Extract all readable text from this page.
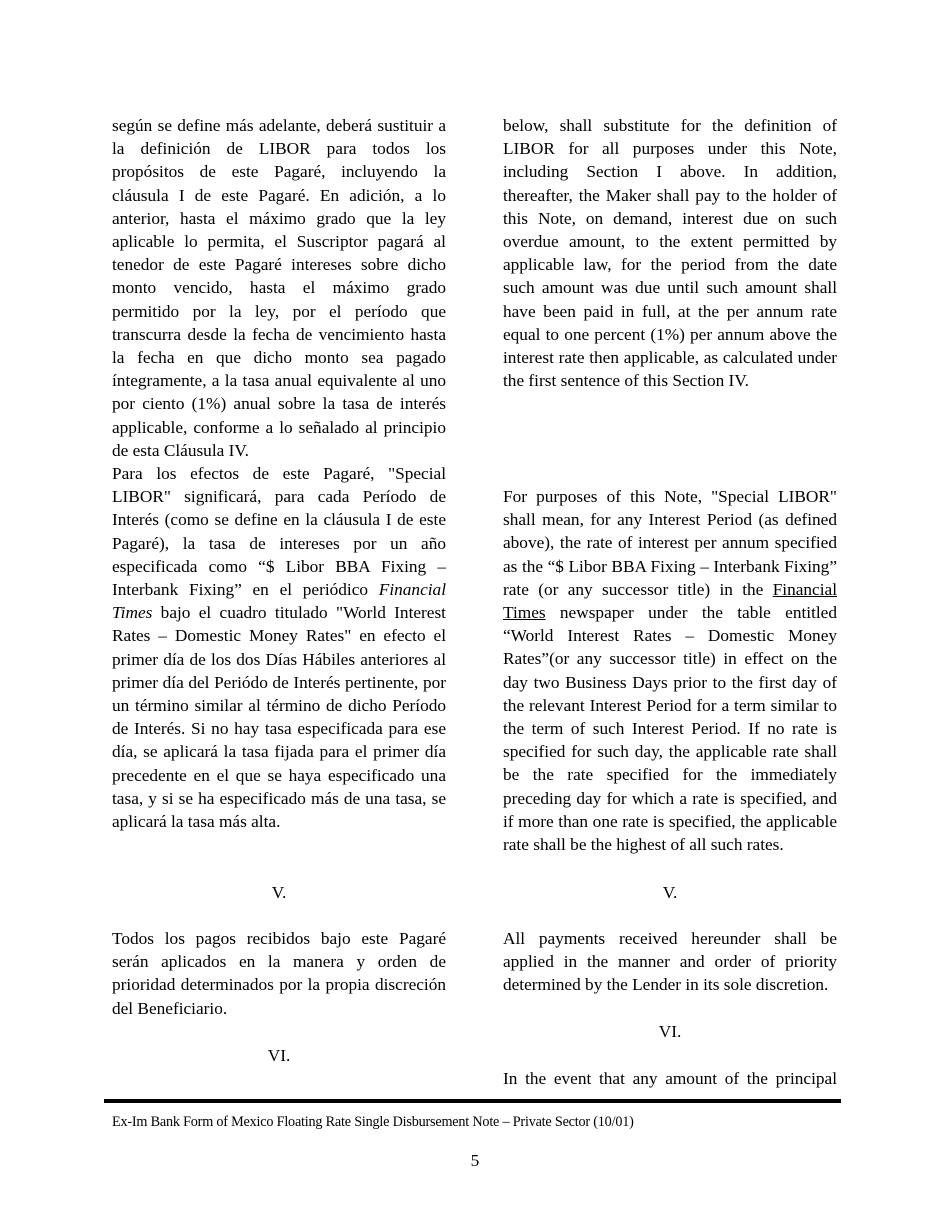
según se define más adelante, deberá sustituir a la definición de LIBOR para todos los propósitos de este Pagaré, incluyendo la cláusula I de este Pagaré. En adición, a lo anterior, hasta el máximo grado que la ley aplicable lo permita, el Suscriptor pagará al tenedor de este Pagaré intereses sobre dicho monto vencido, hasta el máximo grado permitido por la ley, por el período que transcurra desde la fecha de vencimiento hasta la fecha en que dicho monto sea pagado íntegramente, a la tasa anual equivalente al uno por ciento (1%) anual sobre la tasa de interés applicable, conforme a lo señalado al principio de esta Cláusula IV.

Para los efectos de este Pagaré, "Special LIBOR" significará, para cada Período de Interés (como se define en la cláusula I de este Pagaré), la tasa de intereses por un año especificada como “$ Libor BBA Fixing – Interbank Fixing” en el periódico Financial Times bajo el cuadro titulado "World Interest Rates – Domestic Money Rates" en efecto el primer día de los dos Días Hábiles anteriores al primer día del Periódo de Interés pertinente, por un término similar al término de dicho Período de Interés. Si no hay tasa especificada para ese día, se aplicará la tasa fijada para el primer día precedente en el que se haya especificado una tasa, y si se ha especificado más de una tasa, se aplicará la tasa más alta.

V.

Todos los pagos recibidos bajo este Pagaré serán aplicados en la manera y orden de prioridad determinados por la propia discreción del Beneficiario.

VI.

below, shall substitute for the definition of LIBOR for all purposes under this Note, including Section I above. In addition, thereafter, the Maker shall pay to the holder of this Note, on demand, interest due on such overdue amount, to the extent permitted by applicable law, for the period from the date such amount was due until such amount shall have been paid in full, at the per annum rate equal to one percent (1%) per annum above the interest rate then applicable, as calculated under the first sentence of this Section IV.

For purposes of this Note, "Special LIBOR" shall mean, for any Interest Period (as defined above), the rate of interest per annum specified as the “$ Libor BBA Fixing – Interbank Fixing” rate (or any successor title) in the Financial Times newspaper under the table entitled “World Interest Rates – Domestic Money Rates”(or any successor title) in effect on the day two Business Days prior to the first day of the relevant Interest Period for a term similar to the term of such Interest Period. If no rate is specified for such day, the applicable rate shall be the rate specified for the immediately preceding day for which a rate is specified, and if more than one rate is specified, the applicable rate shall be the highest of all such rates.

V.

All payments received hereunder shall be applied in the manner and order of priority determined by the Lender in its sole discretion.

VI.

In the event that any amount of the principal

Ex-Im Bank Form of Mexico Floating Rate Single Disbursement Note – Private Sector (10/01)
5
